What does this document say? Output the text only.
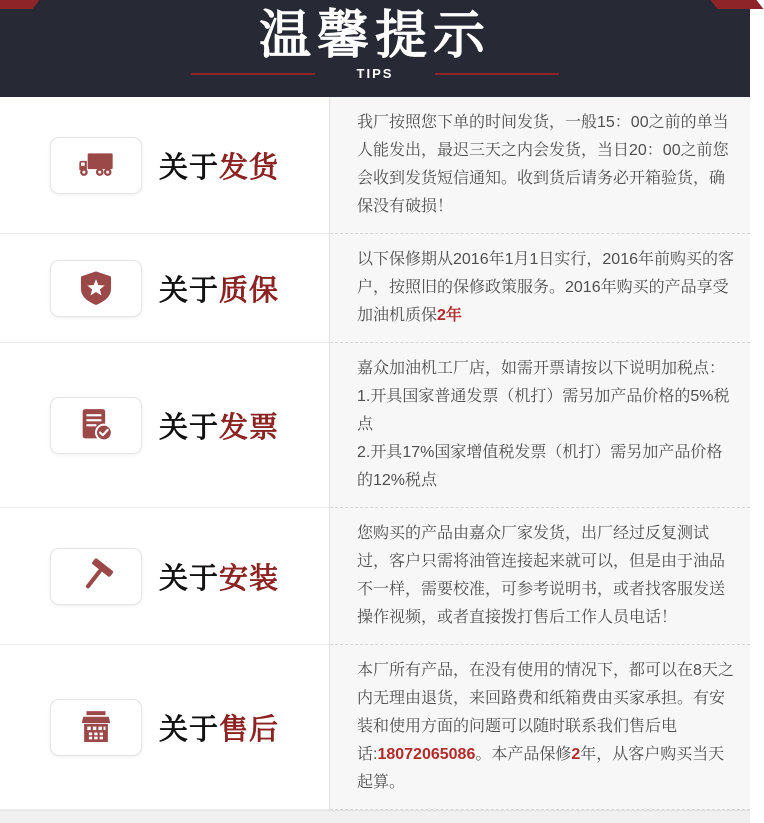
温馨提示
TIPS
关于发货
我厂按照您下单的时间发货，一般15：00之前的单当人能发出，最迟三天之内会发货，当日20：00之前您会收到发货短信通知。收到货后请务必开箱验货，确保没有破损！
关于质保
以下保修期从2016年1月1日实行，2016年前购买的客户，按照旧的保修政策服务。2016年购买的产品享受加油机质保2年
关于发票
嘉众加油机工厂店，如需开票请按以下说明加税点：
1.开具国家普通发票（机打）需另加产品价格的5%税点
2.开具17%国家增值税发票（机打）需另加产品价格的12%税点
关于安装
您购买的产品由嘉众厂家发货，出厂经过反复测试过，客户只需将油管连接起来就可以，但是由于油品不一样，需要校准，可参考说明书，或者找客服发送操作视频，或者直接拨打售后工作人员电话！
关于售后
本厂所有产品，在没有使用的情况下，都可以在8天之内无理由退货，来回路费和纸箱费由买家承担。有安装和使用方面的问题可以随时联系我们售后电话:18072065086。本产品保修2年，从客户购买当天起算。
